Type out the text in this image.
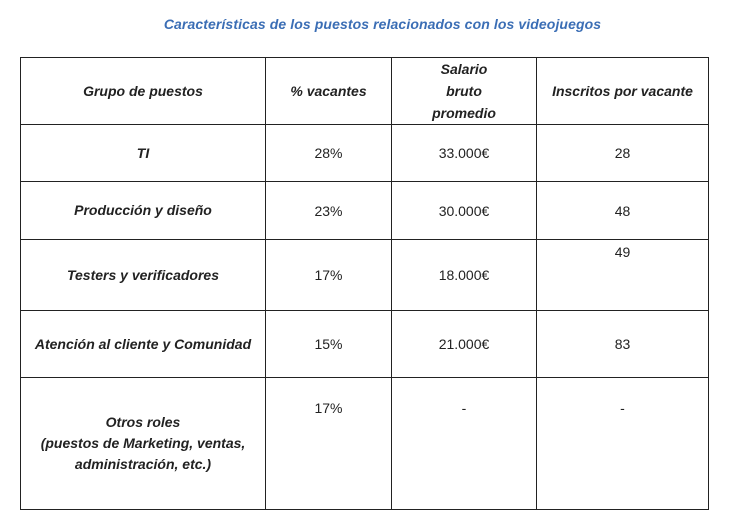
Características de los puestos relacionados con los videojuegos
Grupo de puestos	% vacantes	Salario bruto promedio	Inscritos por vacante
TI	28%	33.000€	28
Producción y diseño	23%	30.000€	48
Testers y verificadores	17%	18.000€	49
Atención al cliente y Comunidad	15%	21.000€	83

Otros roles
(puestos de Marketing, ventas, administración, etc.)	17%	-	-
